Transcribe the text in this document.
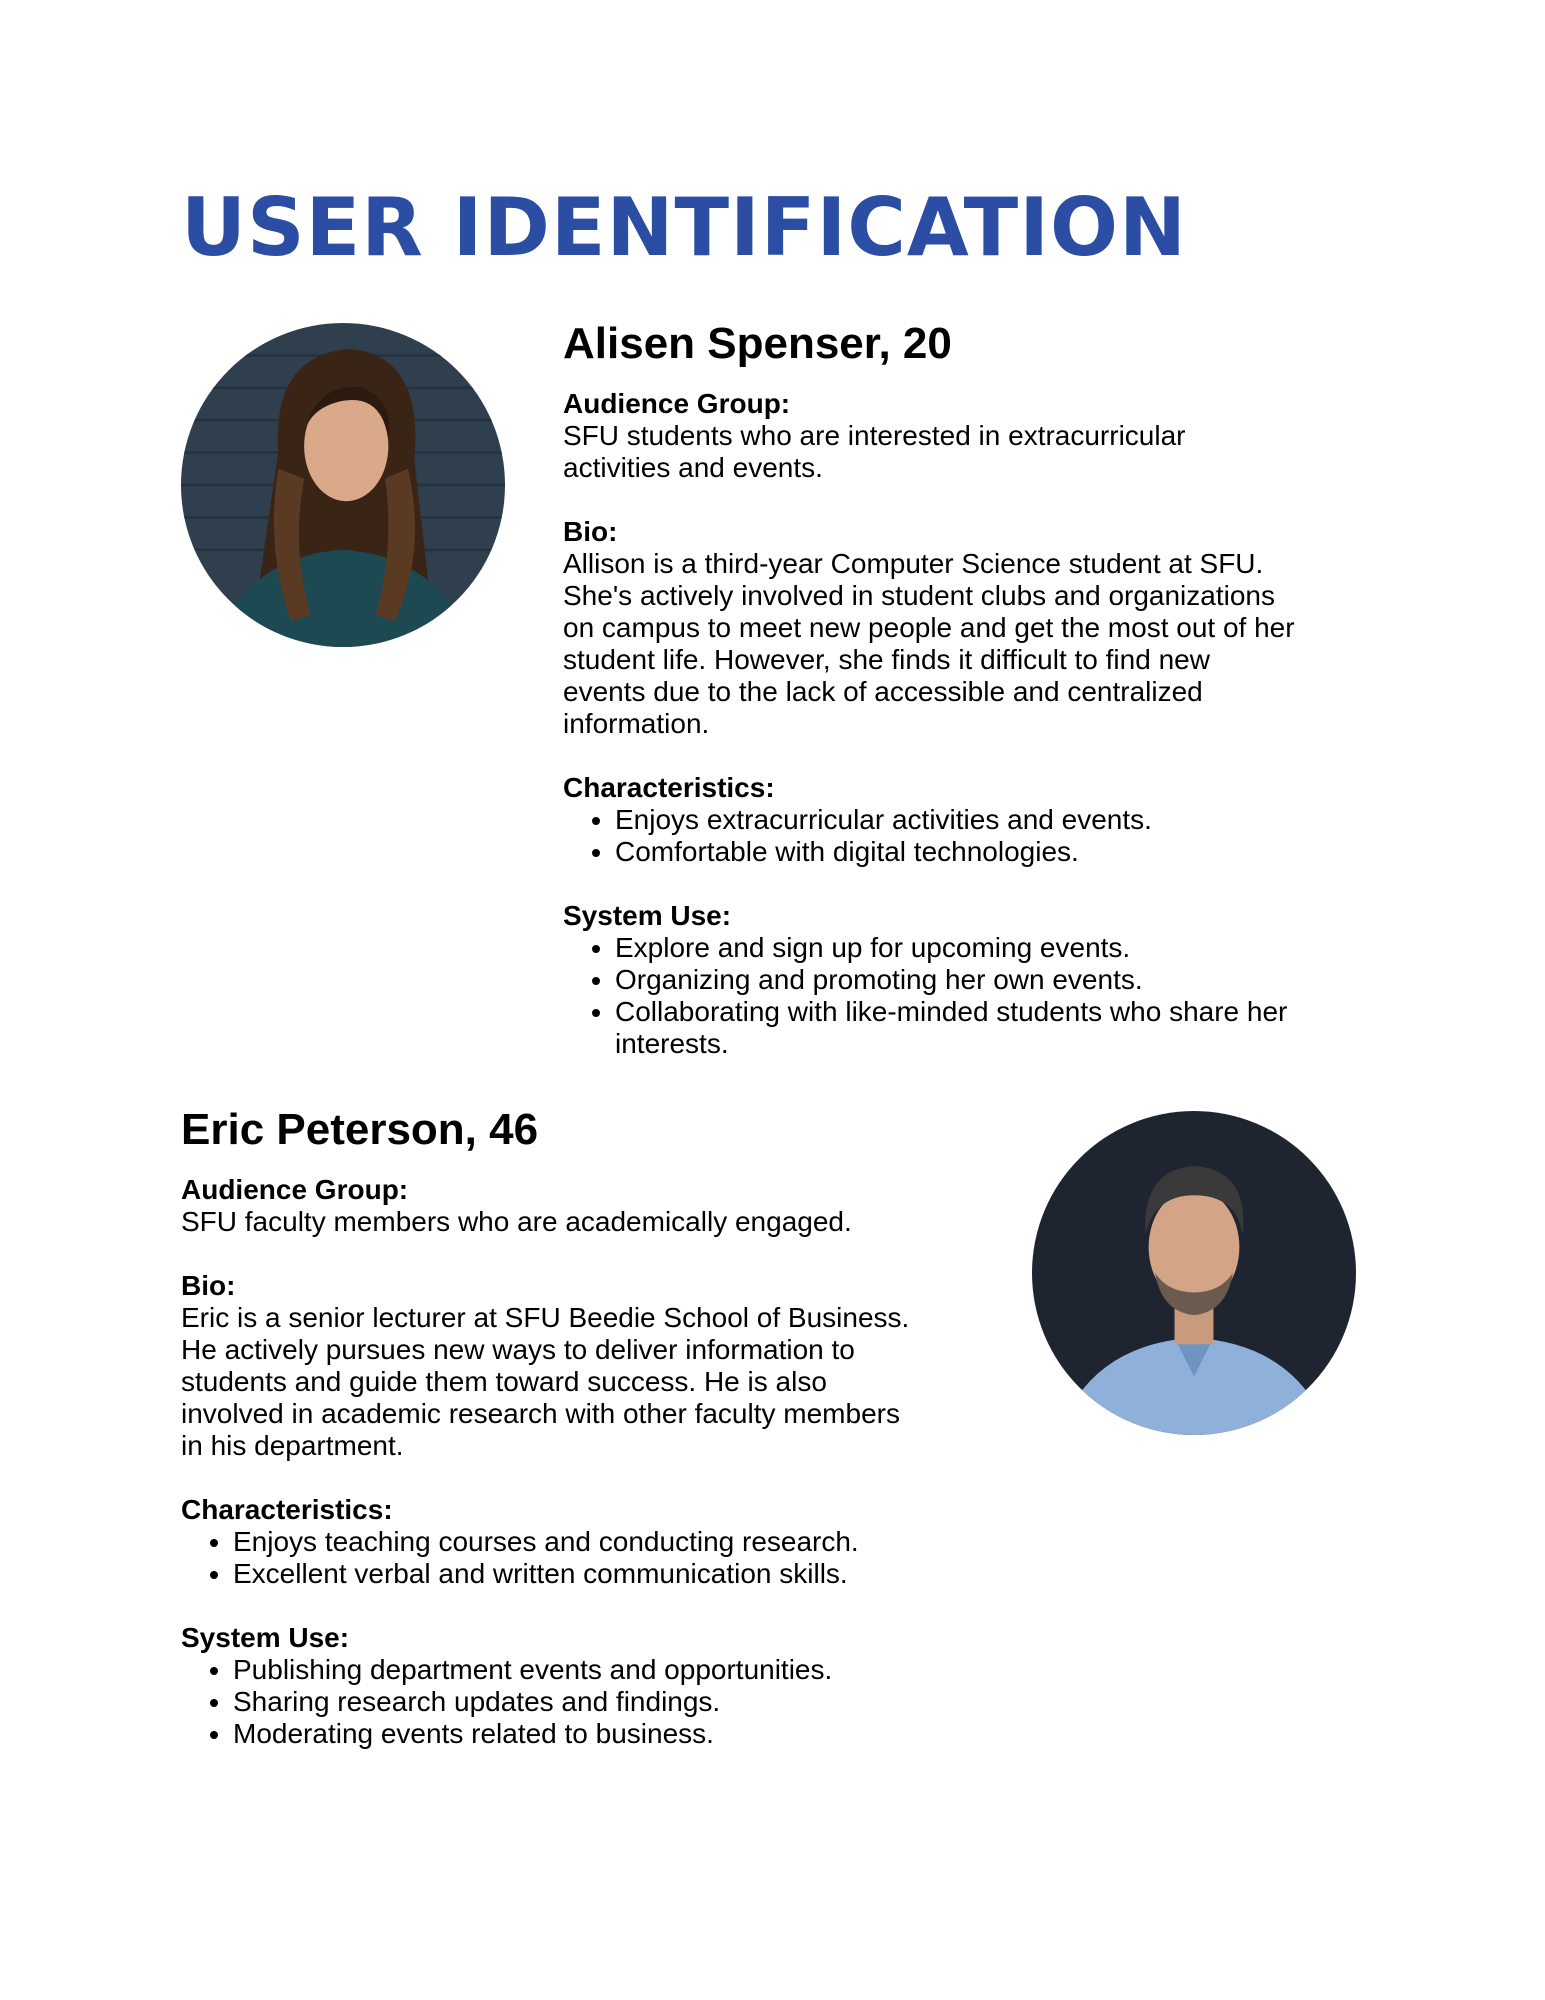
USER IDENTIFICATION
Alisen Spenser, 20
Audience Group:
SFU students who are interested in extracurricular
activities and events.
Bio:
Allison is a third-year Computer Science student at SFU.
She's actively involved in student clubs and organizations
on campus to meet new people and get the most out of her
student life. However, she finds it difficult to find new
events due to the lack of accessible and centralized
information.
Characteristics:
• Enjoys extracurricular activities and events.
• Comfortable with digital technologies.
System Use:
• Explore and sign up for upcoming events.
• Organizing and promoting her own events.
• Collaborating with like-minded students who share her interests.
Eric Peterson, 46
Audience Group:
SFU faculty members who are academically engaged.
Bio:
Eric is a senior lecturer at SFU Beedie School of Business.
He actively pursues new ways to deliver information to
students and guide them toward success. He is also
involved in academic research with other faculty members
in his department.
Characteristics:
• Enjoys teaching courses and conducting research.
• Excellent verbal and written communication skills.
System Use:
• Publishing department events and opportunities.
• Sharing research updates and findings.
• Moderating events related to business.
